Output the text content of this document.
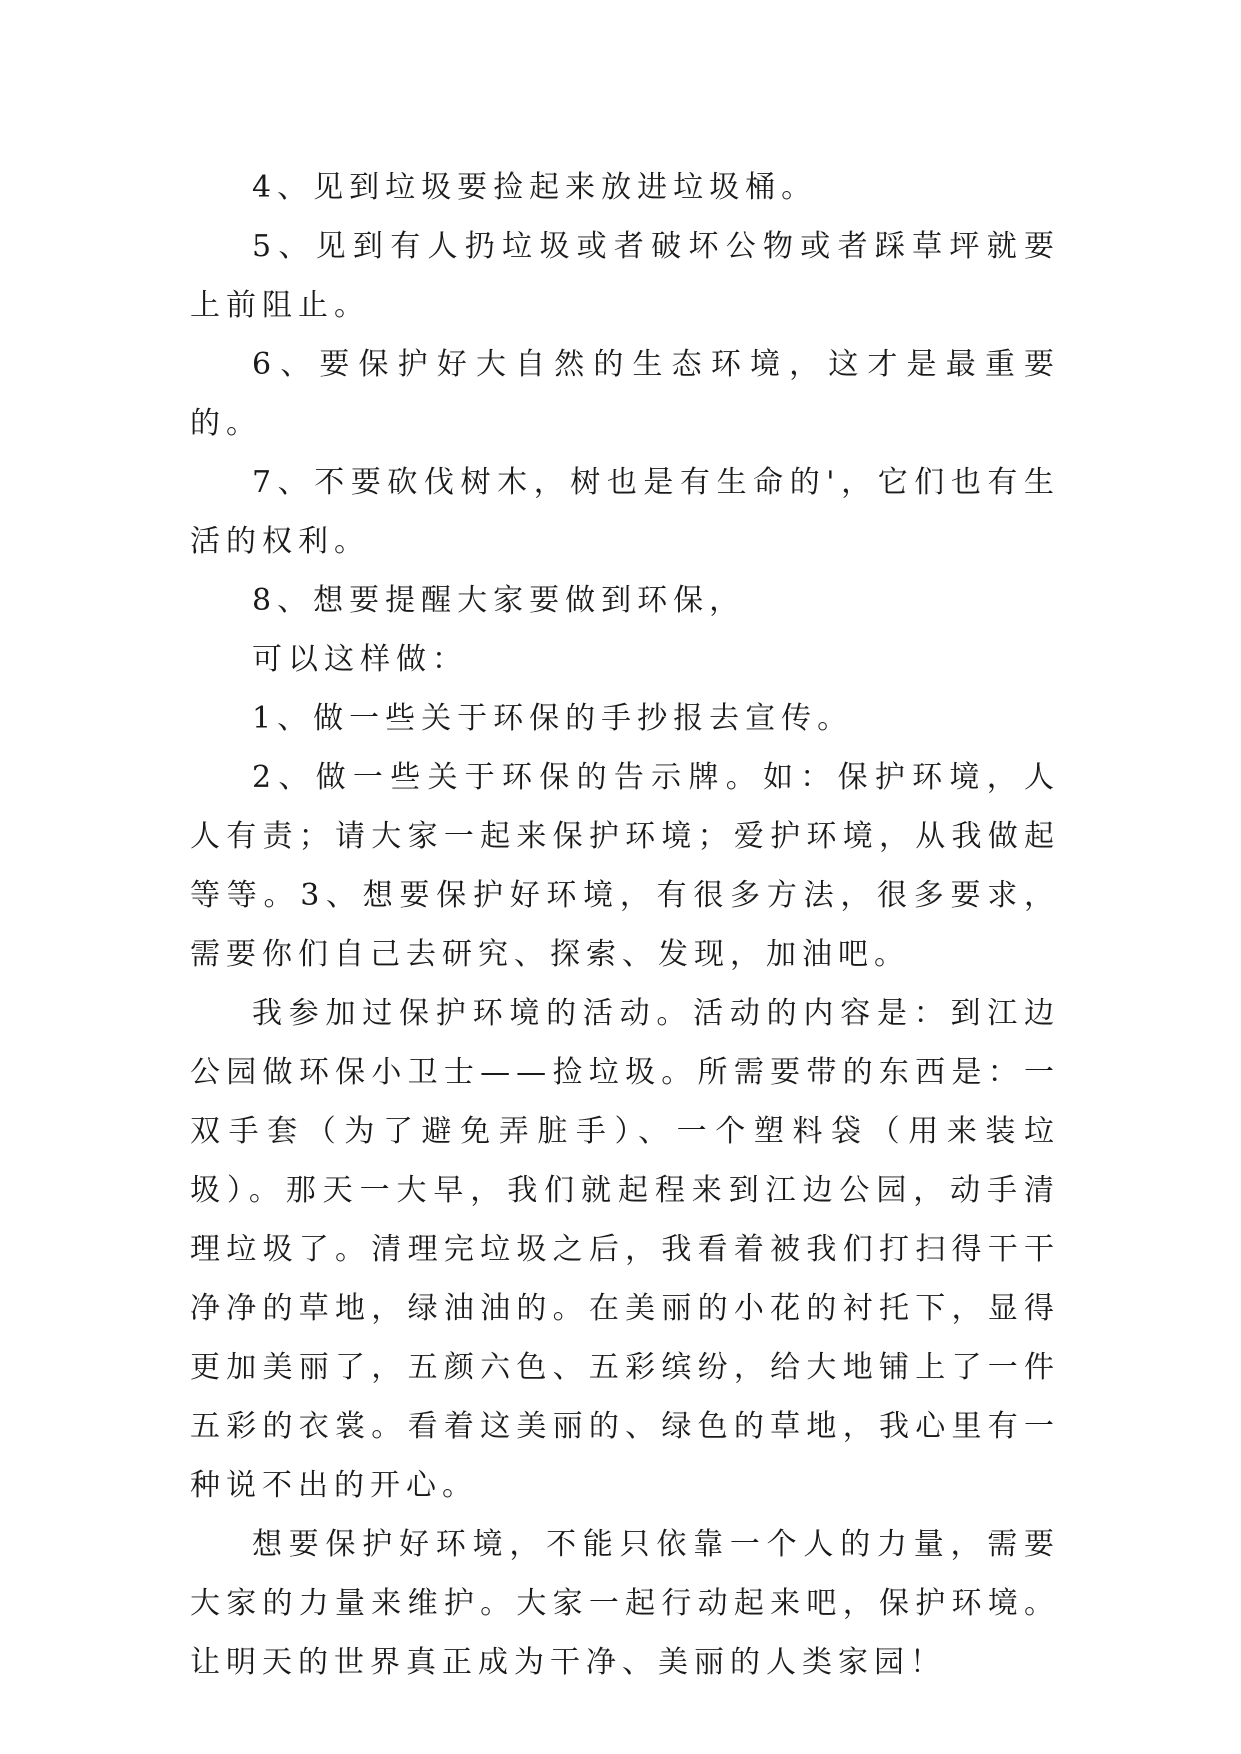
4、见到垃圾要捡起来放进垃圾桶。

5、见到有人扔垃圾或者破坏公物或者踩草坪就要上前阻止。

6、要保护好大自然的生态环境，这才是最重要的。

7、不要砍伐树木，树也是有生命的'，它们也有生活的权利。

8、想要提醒大家要做到环保，

可以这样做：

1、做一些关于环保的手抄报去宣传。

2、做一些关于环保的告示牌。如：保护环境，人人有责；请大家一起来保护环境；爱护环境，从我做起等等。3、想要保护好环境，有很多方法，很多要求，需要你们自己去研究、探索、发现，加油吧。

我参加过保护环境的活动。活动的内容是：到江边公园做环保小卫士——捡垃圾。所需要带的东西是：一双手套（为了避免弄脏手）、一个塑料袋（用来装垃圾）。那天一大早，我们就起程来到江边公园，动手清理垃圾了。清理完垃圾之后，我看着被我们打扫得干干净净的草地，绿油油的。在美丽的小花的衬托下，显得更加美丽了，五颜六色、五彩缤纷，给大地铺上了一件五彩的衣裳。看着这美丽的、绿色的草地，我心里有一种说不出的开心。

想要保护好环境，不能只依靠一个人的力量，需要大家的力量来维护。大家一起行动起来吧，保护环境。让明天的世界真正成为干净、美丽的人类家园！
